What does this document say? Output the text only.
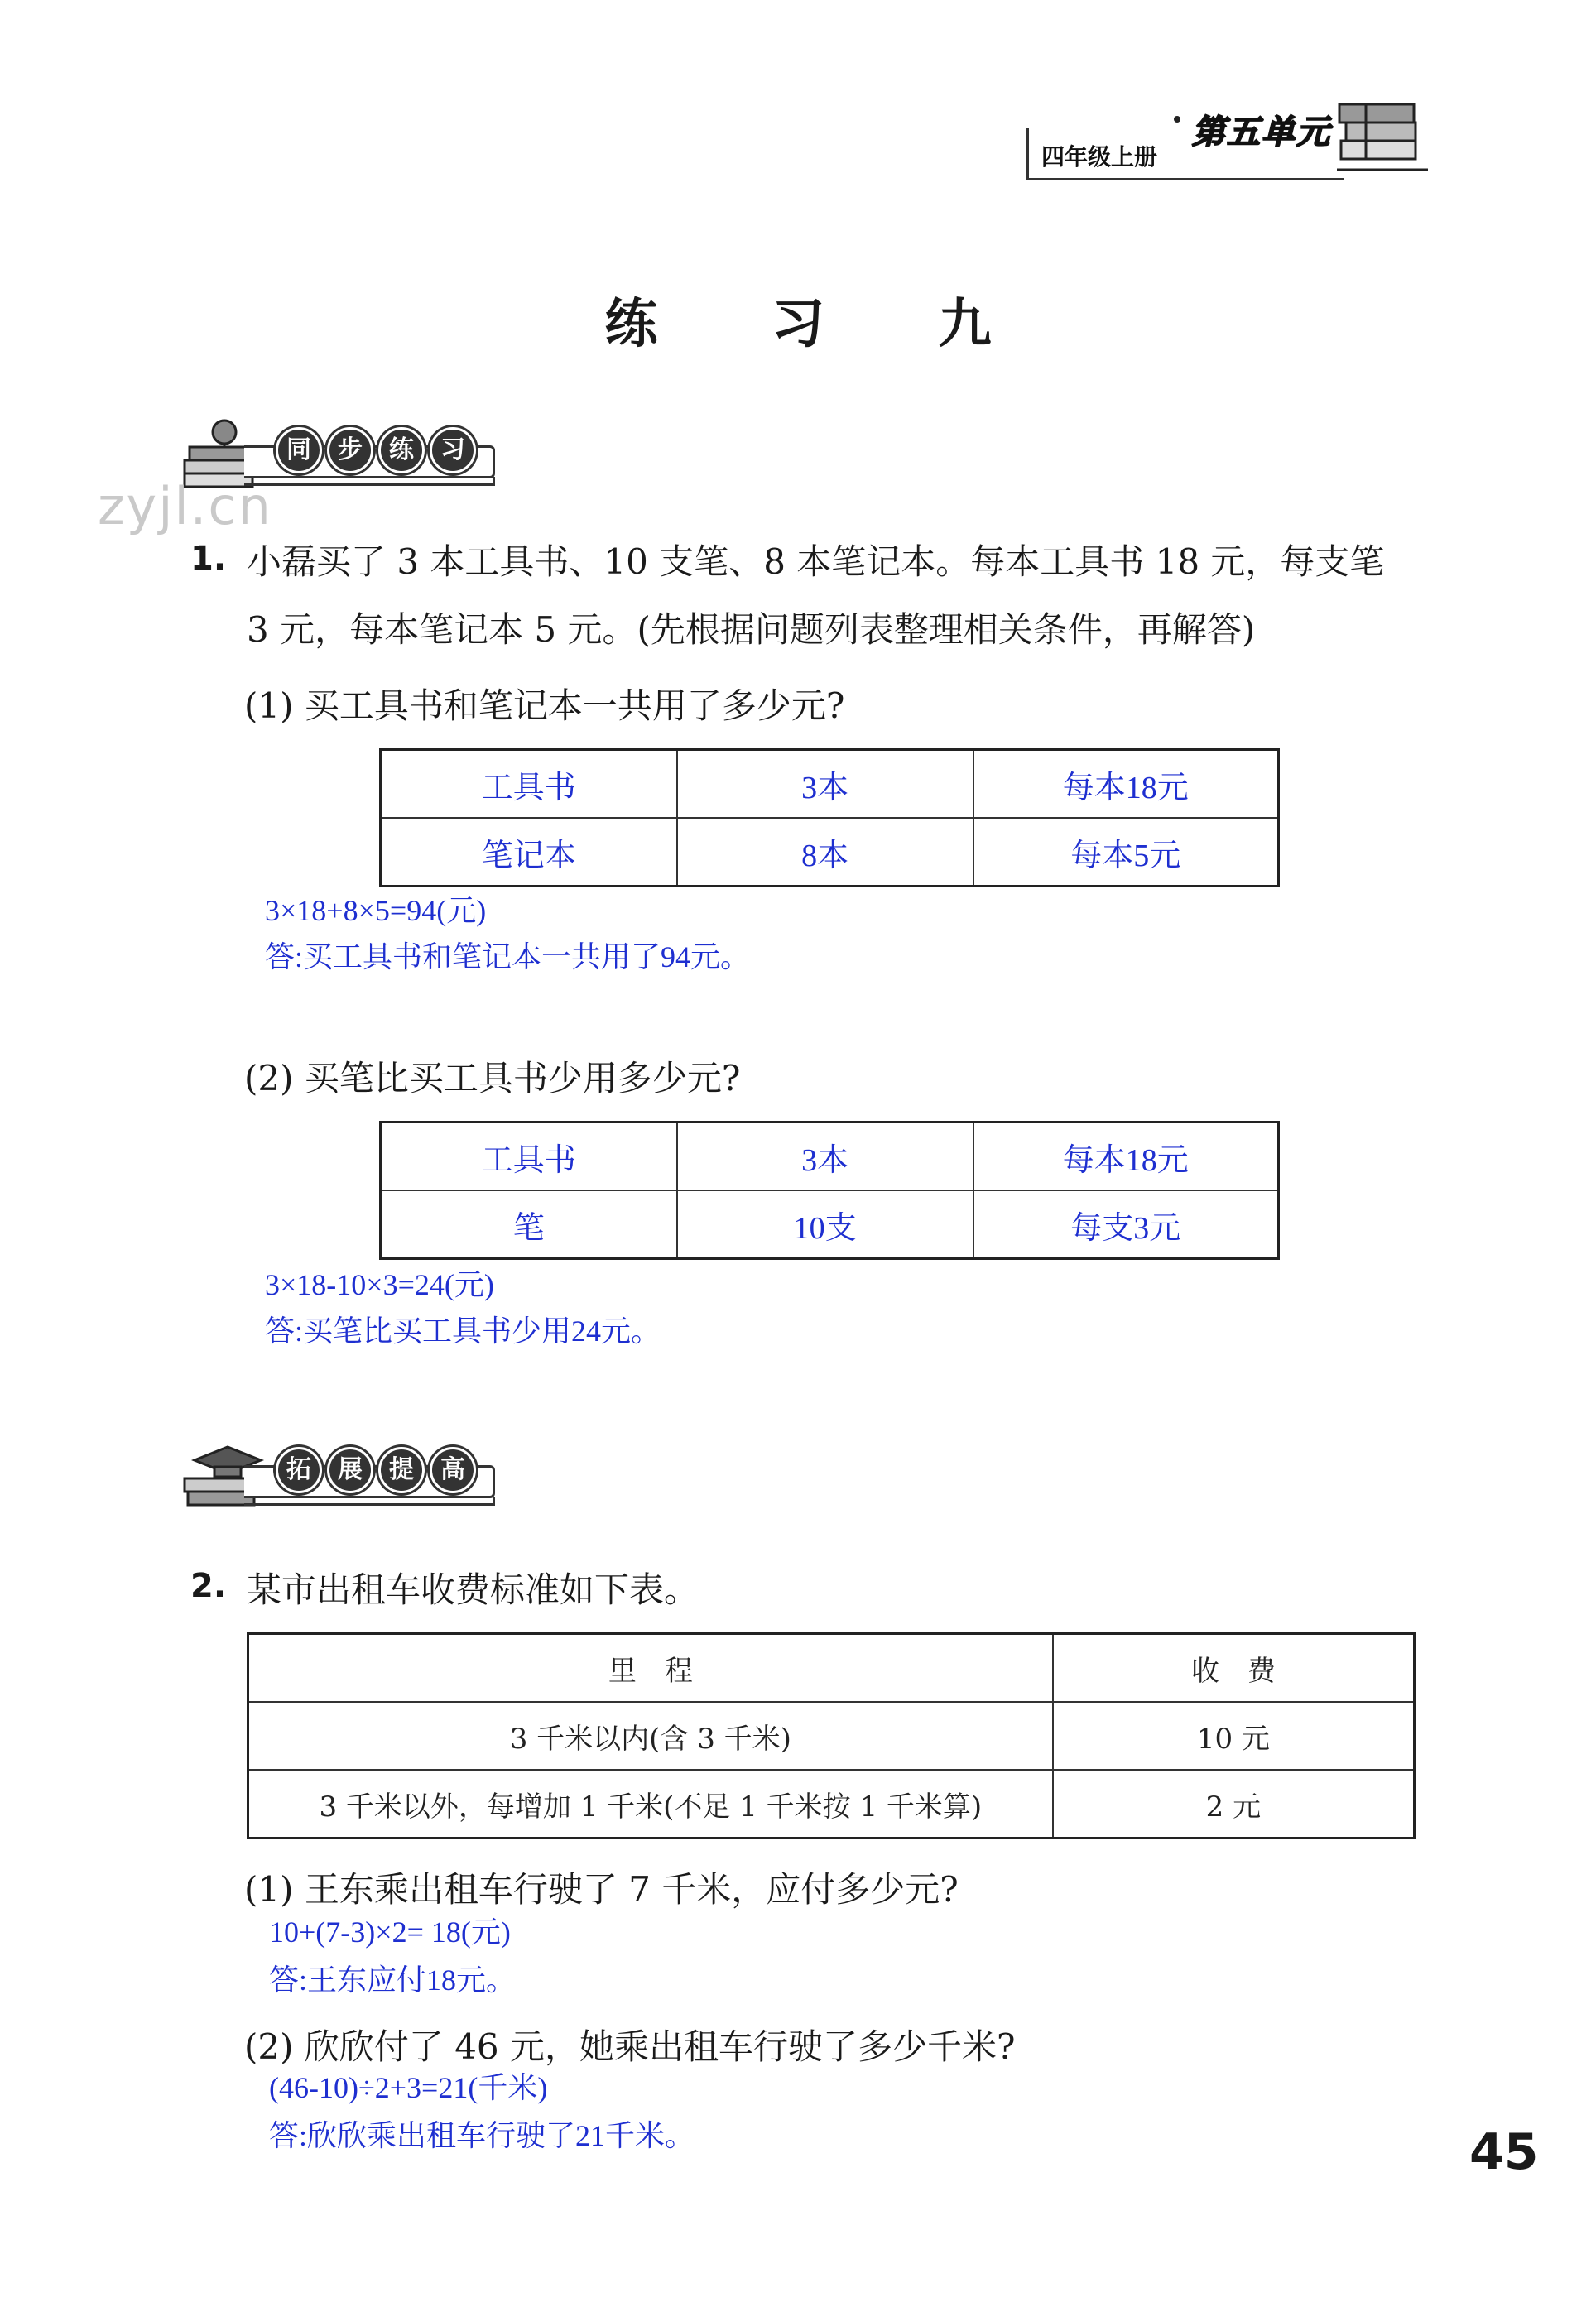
第五单元
四年级上册
练 习 九
同	步	练	习
zyjl.cn
1. 小磊买了 3 本工具书、10 支笔、8 本笔记本。每本工具书 18 元，每支笔
3 元，每本笔记本 5 元。(先根据问题列表整理相关条件，再解答)
(1) 买工具书和笔记本一共用了多少元?
工具书	3本	每本18元
笔记本	8本	每本5元
3×18+8×5=94(元)
答:买工具书和笔记本一共用了94元。
(2) 买笔比买工具书少用多少元?
工具书	3本	每本18元
笔	10支	每支3元
3×18-10×3=24(元)
答:买笔比买工具书少用24元。
拓	展	提	高
2. 某市出租车收费标准如下表。
里　程	收　费
3 千米以内(含 3 千米)	10 元
3 千米以外，每增加 1 千米(不足 1 千米按 1 千米算)	2 元
(1) 王东乘出租车行驶了 7 千米，应付多少元?
10+(7-3)×2= 18(元)
答:王东应付18元。
(2) 欣欣付了 46 元，她乘出租车行驶了多少千米?
(46-10)÷2+3=21(千米)
答:欣欣乘出租车行驶了21千米。	45
